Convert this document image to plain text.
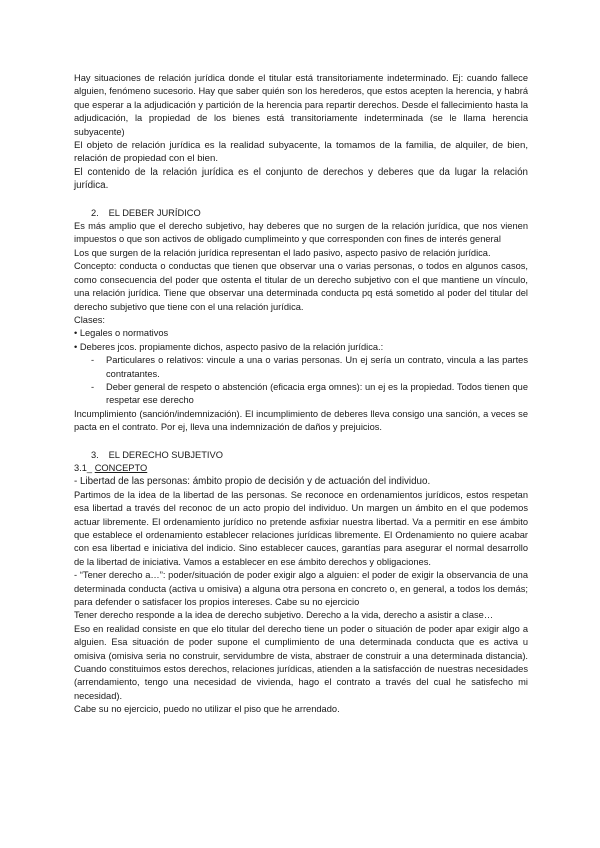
Hay situaciones de relación jurídica donde el titular está transitoriamente indeterminado. Ej: cuando fallece alguien, fenómeno sucesorio. Hay que saber quién son los herederos, que estos acepten la herencia, y habrá que esperar a la adjudicación y partición de la herencia para repartir derechos. Desde el fallecimiento hasta la adjudicación, la propiedad de los bienes está transitoriamente indeterminada (se le llama herencia subyacente)

El objeto de relación jurídica es la realidad subyacente, la tomamos de la familia, de alquiler, de bien, relación de propiedad con el bien.

El contenido de la relación jurídica es el conjunto de derechos y deberes que da lugar la relación jurídica.

2. EL DEBER JURÍDICO

Es más amplio que el derecho subjetivo, hay deberes que no surgen de la relación jurídica, que nos vienen impuestos o que son activos de obligado cumplimeinto y que corresponden con fines de interés general

Los que surgen de la relación jurídica representan el lado pasivo, aspecto pasivo de relación jurídica.

Concepto: conducta o conductas que tienen que observar una o varias personas, o todos en algunos casos, como consecuencia del poder que ostenta el titular de un derecho subjetivo con el que mantiene un vínculo, una relación jurídica. Tiene que observar una determinada conducta pq está sometido al poder del titular del derecho subjetivo que tiene con el una relación jurídica.

Clases:

• Legales o normativos

• Deberes jcos. propiamente dichos, aspecto pasivo de la relación jurídica.:

- Particulares o relativos: vincule a una o varias personas. Un ej sería un contrato, vincula a las partes contratantes.
- Deber general de respeto o abstención (eficacia erga omnes): un ej es la propiedad. Todos tienen que respetar ese derecho

Incumplimiento (sanción/indemnización). El incumplimiento de deberes lleva consigo una sanción, a veces se pacta en el contrato. Por ej, lleva una indemnización de daños y prejuicios.

3. EL DERECHO SUBJETIVO

3.1_ CONCEPTO

- Libertad de las personas: ámbito propio de decisión y de actuación del individuo.

Partimos de la idea de la libertad de las personas. Se reconoce en ordenamientos jurídicos, estos respetan esa libertad a través del reconoc de un acto propio del individuo. Un margen un ámbito en el que podemos actuar libremente. El ordenamiento jurídico no pretende asfixiar nuestra libertad. Va a permitir en ese ámbito que establece el ordenamiento establecer relaciones jurídicas libremente. El Ordenamiento no quiere acabar con esa libertad e iniciativa del indicio. Sino establecer cauces, garantías para asegurar el normal desarrollo de la libertad de iniciativa. Vamos a establecer en ese ámbito derechos y obligaciones.

- “Tener derecho a…”: poder/situación de poder exigir algo a alguien: el poder de exigir la observancia de una determinada conducta (activa u omisiva) a alguna otra persona en concreto o, en general, a todos los demás; para defender o satisfacer los propios intereses. Cabe su no ejercicio

Tener derecho responde a la idea de derecho subjetivo. Derecho a la vida, derecho a asistir a clase…

Eso en realidad consiste en que elo titular del derecho tiene un poder o situación de poder apar exigir algo a alguien. Esa situación de poder supone el cumplimiento de una determinada conducta que es activa u omisiva (omisiva seria no construir, servidumbre de vista, abstraer de construir a una determinada distancia). Cuando constituimos estos derechos, relaciones jurídicas, atienden a la satisfacción de nuestras necesidades (arrendamiento, tengo una necesidad de vivienda, hago el contrato a través del cual he satisfecho mi necesidad).

Cabe su no ejercicio, puedo no utilizar el piso que he arrendado.
